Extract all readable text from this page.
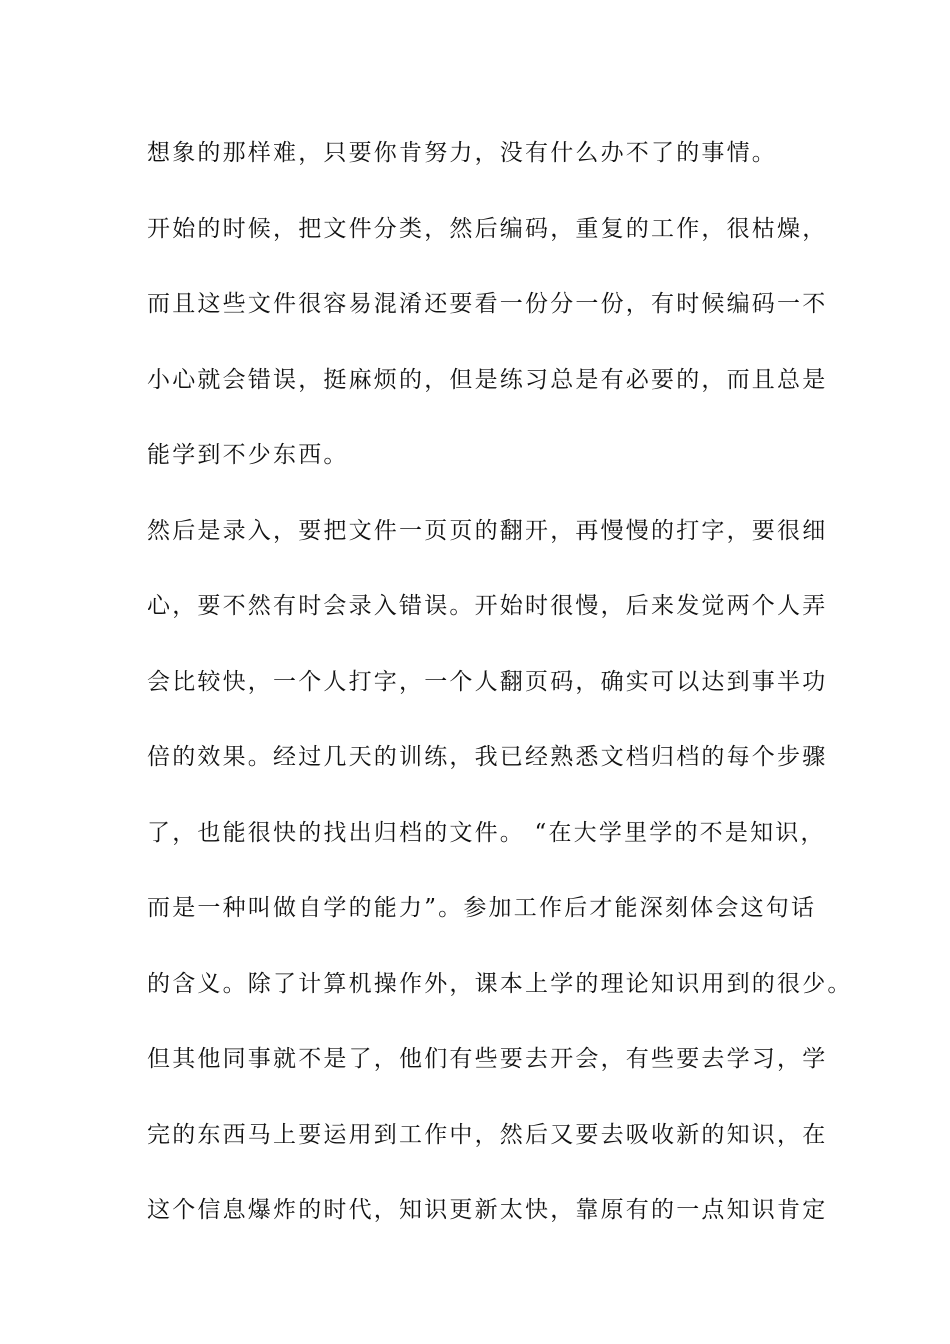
想象的那样难，只要你肯努力，没有什么办不了的事情。
开始的时候，把文件分类，然后编码，重复的工作，很枯燥，
而且这些文件很容易混淆还要看一份分一份，有时候编码一不
小心就会错误，挺麻烦的，但是练习总是有必要的，而且总是
能学到不少东西。
然后是录入，要把文件一页页的翻开，再慢慢的打字，要很细
心，要不然有时会录入错误。开始时很慢，后来发觉两个人弄
会比较快，一个人打字，一个人翻页码，确实可以达到事半功
倍的效果。经过几天的训练，我已经熟悉文档归档的每个步骤
了，也能很快的找出归档的文件。 “在大学里学的不是知识，
而是一种叫做自学的能力”。参加工作后才能深刻体会这句话
的含义。除了计算机操作外，课本上学的理论知识用到的很少。
但其他同事就不是了，他们有些要去开会，有些要去学习，学
完的东西马上要运用到工作中，然后又要去吸收新的知识，在
这个信息爆炸的时代，知识更新太快，靠原有的一点知识肯定
